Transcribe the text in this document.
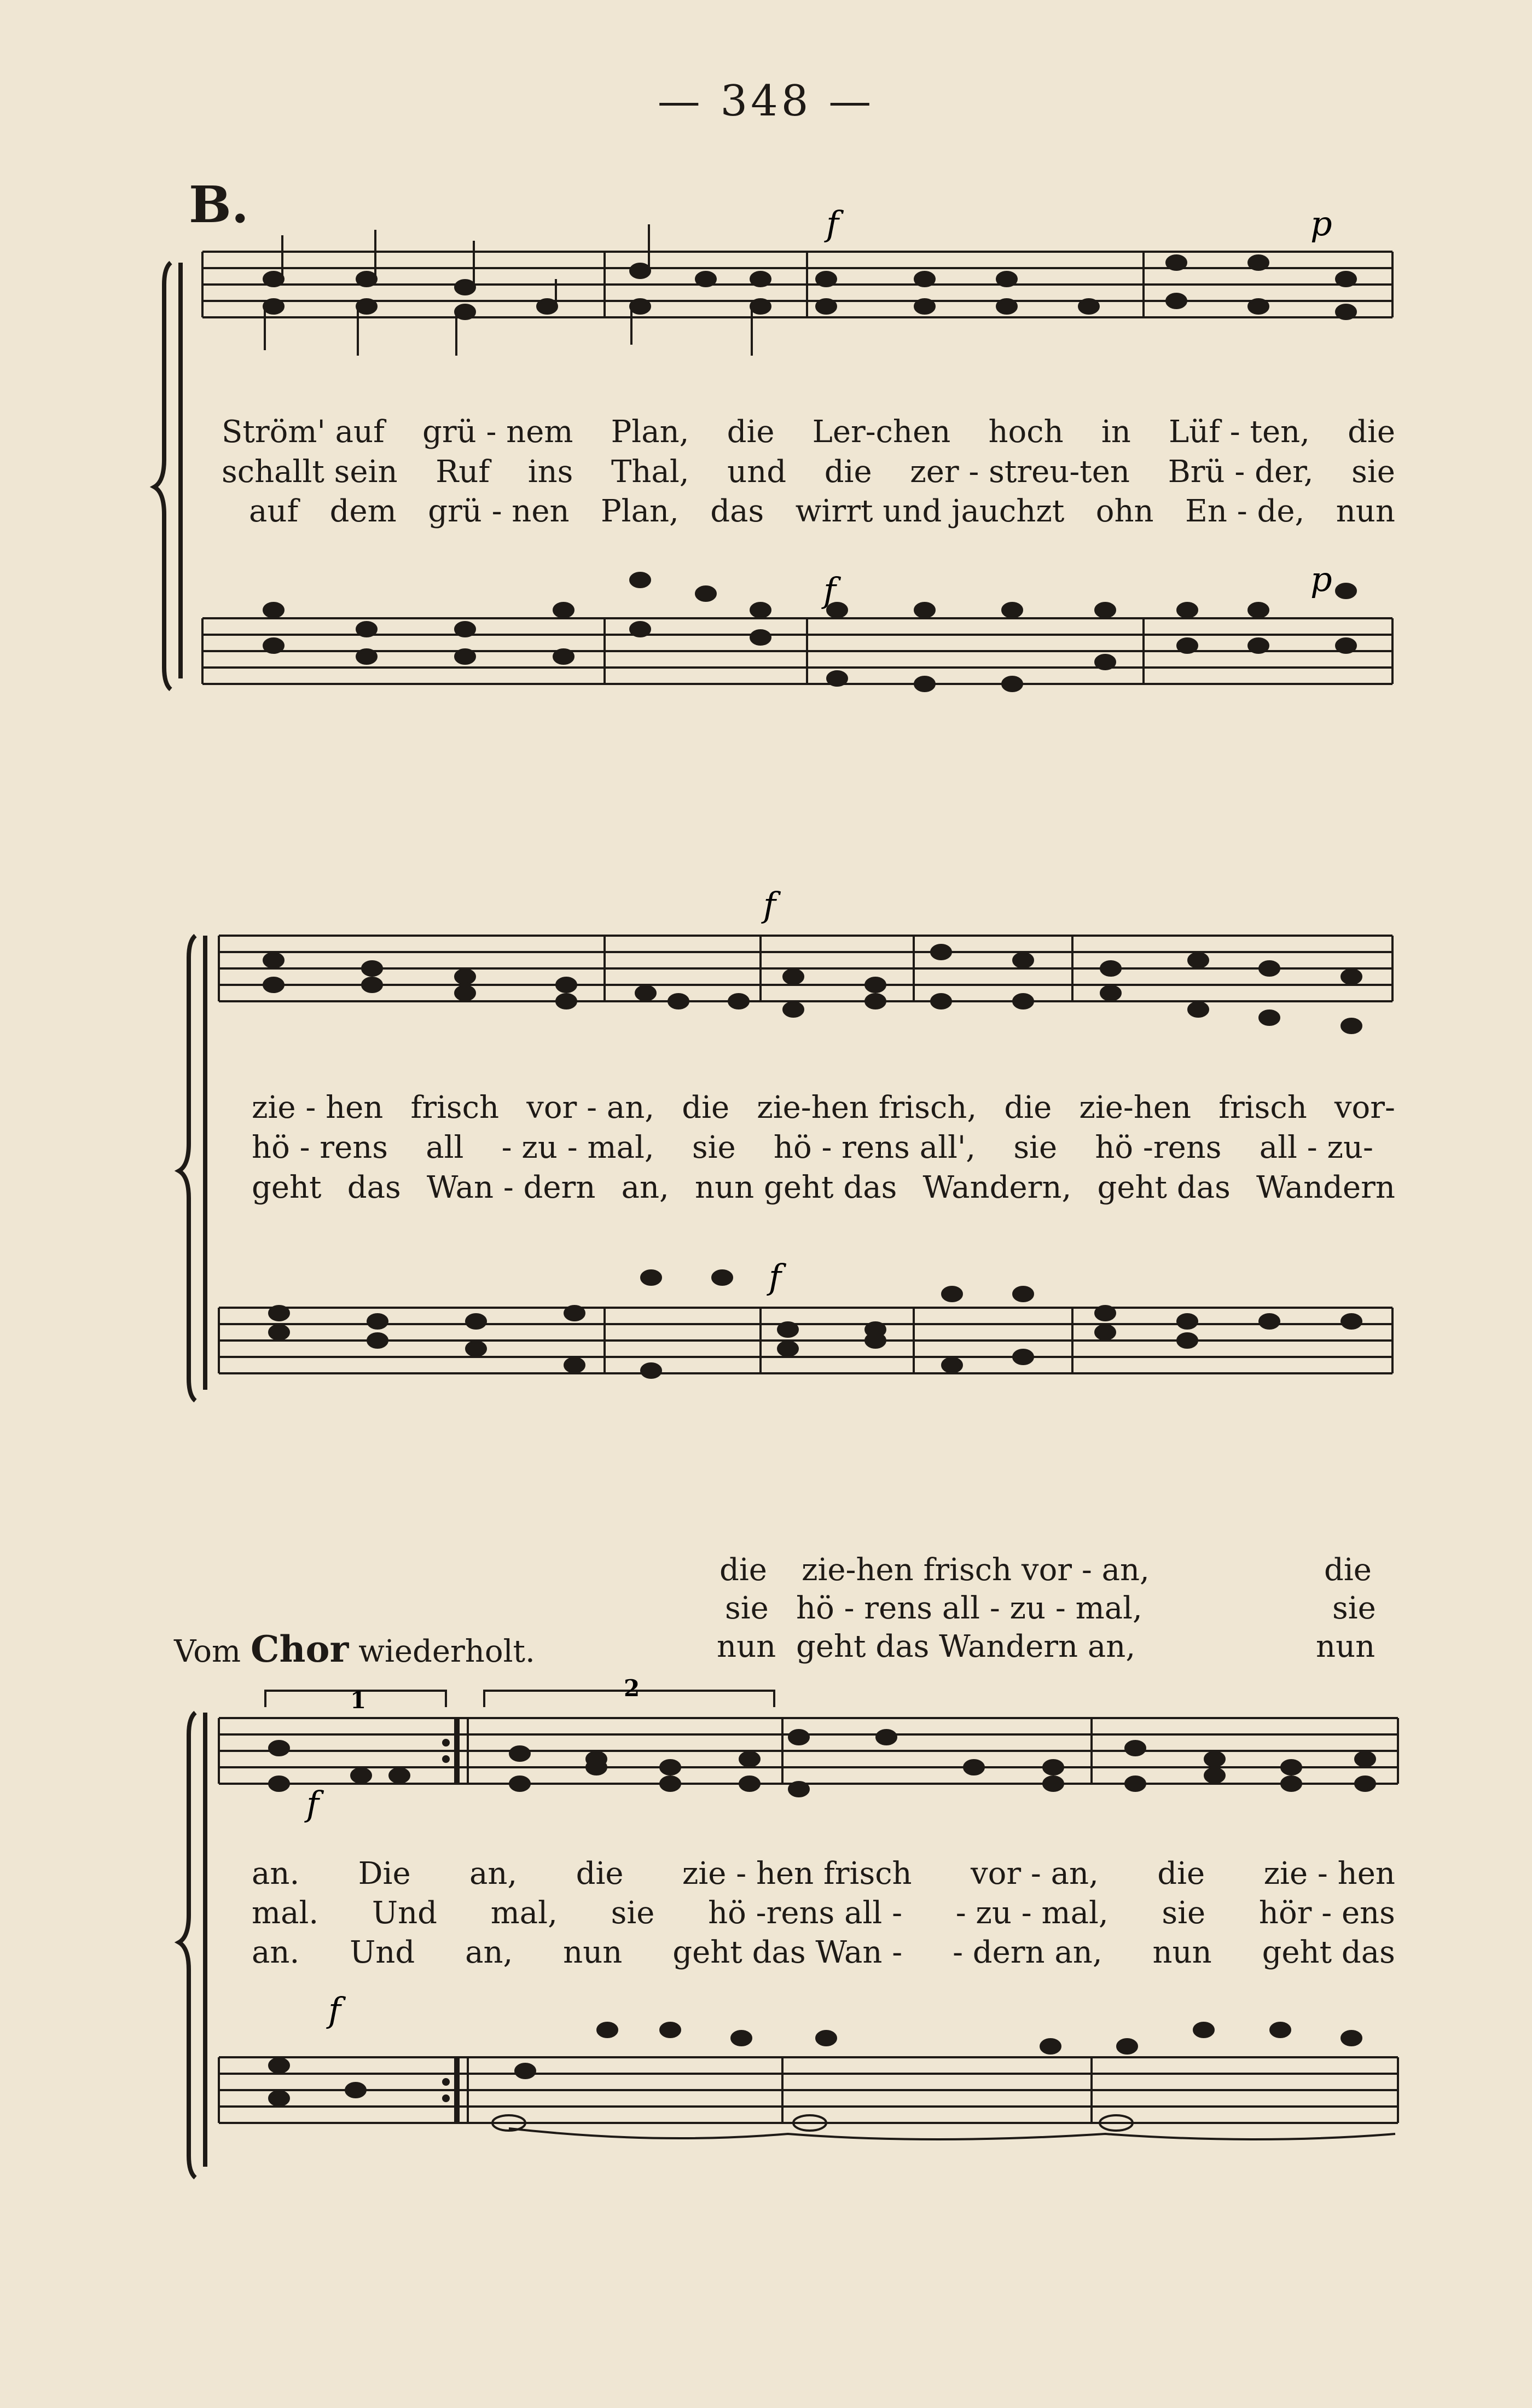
— 348 —
B.	f	p
f	p
Ström' auf grü - nem Plan, die Ler-chen hoch in Lüf - ten, die
schallt sein Ruf ins Thal, und die zer - streu-ten Brü - der, sie
auf dem grü - nen Plan, das wirrt und jauchzt ohn En - de, nun
f
f
zie - hen frisch vor - an, die zie-hen frisch, die zie-hen frisch vor-
hö - rens all - zu - mal, sie hö - rens all', sie hö -rens all - zu-
geht das Wan - dern an, nun geht das Wandern, geht das Wandern
die zie-hen frisch vor - an,	die
sie hö - rens all - zu - mal,	sie
nun geht das Wandern an,	nun
Vom Chor wiederholt.
1	2
f
f
an. Die an, die zie - hen frisch vor - an, die zie - hen
mal. Und mal, sie hö -rens all - - zu - mal, sie hör - ens
an. Und an, nun geht das Wan - - dern an, nun geht das
